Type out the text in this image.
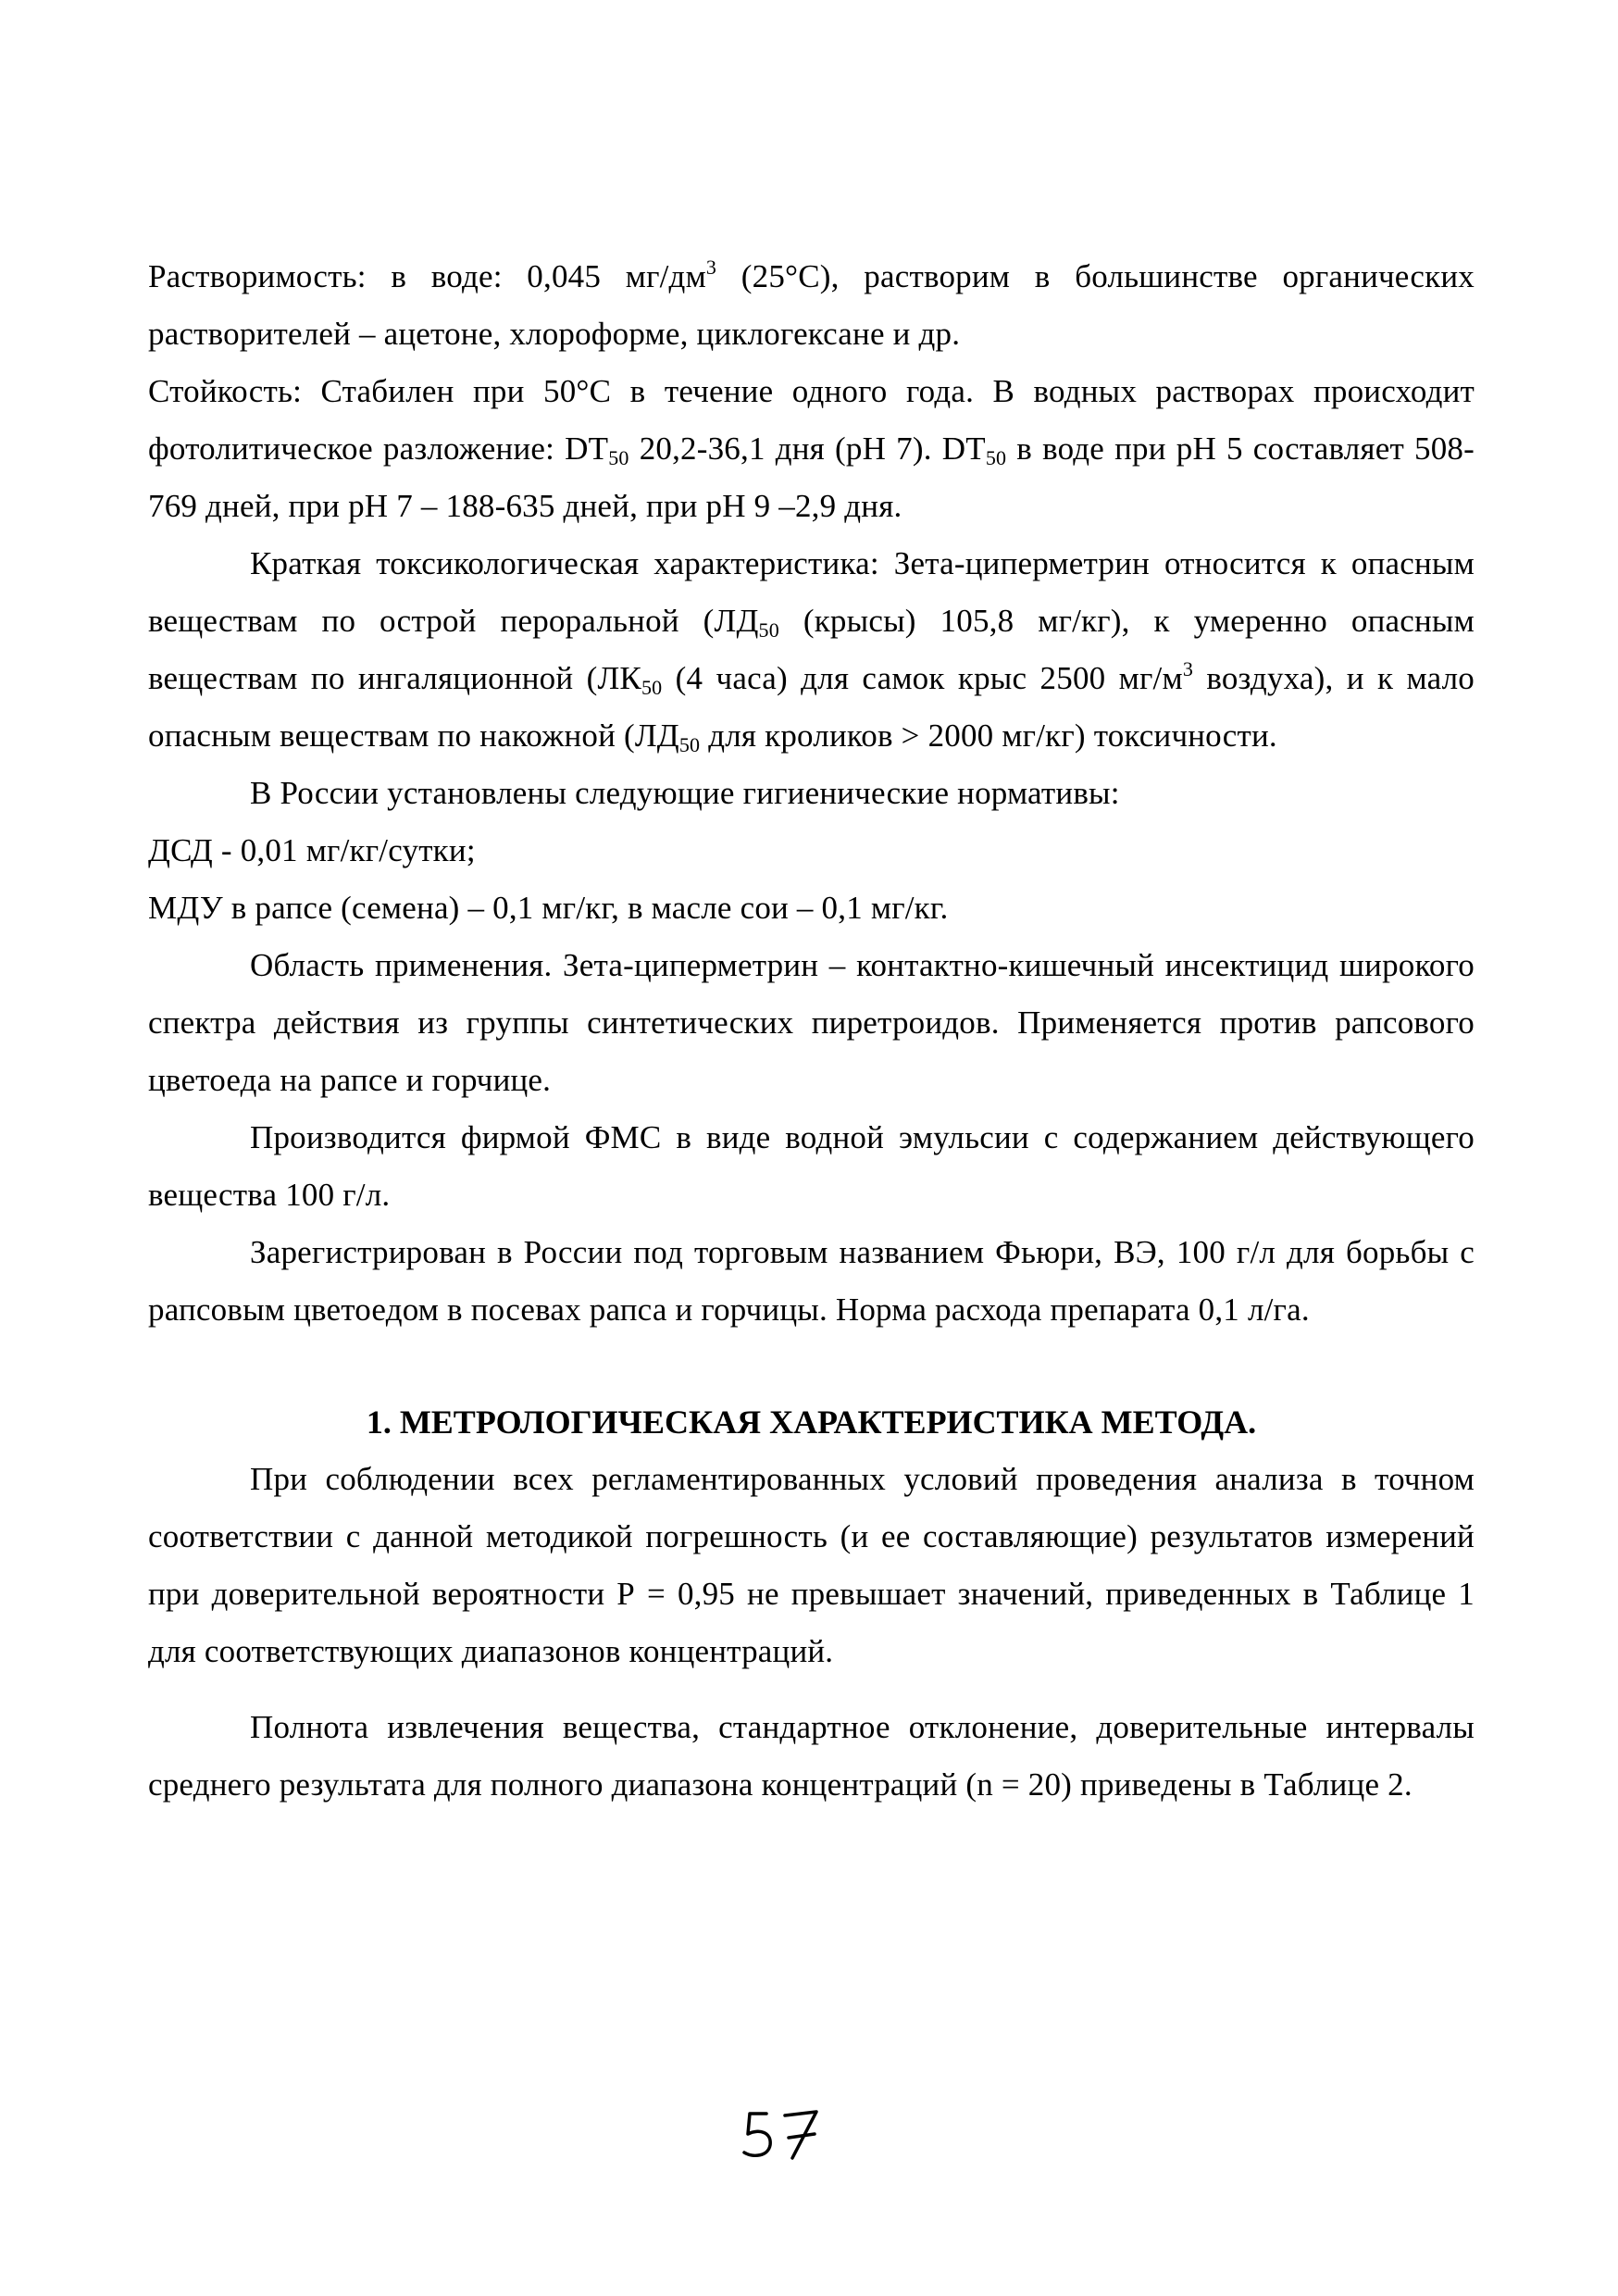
Растворимость: в воде: 0,045 $мг/дм^3$ (25°С), растворим в большинстве органических растворителей – ацетоне, хлороформе, циклогексане и др.

Стойкость: Стабилен при 50°С в течение одного года. В водных растворах происходит фотолитическое разложение: $DT_{50}$ 20,2-36,1 дня (рН 7). $DT_{50}$ в воде при рН 5 составляет 508-769 дней, при рН 7 – 188-635 дней, при рН 9 –2,9 дня.

Краткая токсикологическая характеристика: Зета-циперметрин относится к опасным веществам по острой пероральной ($ЛД_{50}$ (крысы) 105,8 мг/кг), к умеренно опасным веществам по ингаляционной ($ЛК_{50}$ (4 часа) для самок крыс 2500 $мг/м^3$ воздуха), и к мало опасным веществам по накожной ($ЛД_{50}$ для кроликов > 2000 мг/кг) токсичности.

В России установлены следующие гигиенические нормативы:

ДСД - 0,01 мг/кг/сутки;

МДУ в рапсе (семена) – 0,1 мг/кг, в масле сои – 0,1 мг/кг.

Область применения. Зета-циперметрин – контактно-кишечный инсектицид широкого спектра действия из группы синтетических пиретроидов. Применяется против рапсового цветоеда на рапсе и горчице.

Производится фирмой ФМС в виде водной эмульсии с содержанием действующего вещества 100 г/л.

Зарегистрирован в России под торговым названием Фьюри, ВЭ, 100 г/л для борьбы с рапсовым цветоедом в посевах рапса и горчицы. Норма расхода препарата 0,1 л/га.

1. МЕТРОЛОГИЧЕСКАЯ ХАРАКТЕРИСТИКА МЕТОДА.

При соблюдении всех регламентированных условий проведения анализа в точном соответствии с данной методикой погрешность (и ее составляющие) результатов измерений при доверительной вероятности Р = 0,95 не превышает значений, приведенных в Таблице 1 для соответствующих диапазонов концентраций.

Полнота извлечения вещества, стандартное отклонение, доверительные интервалы среднего результата для полного диапазона концентраций (n = 20) приведены в Таблице 2.
